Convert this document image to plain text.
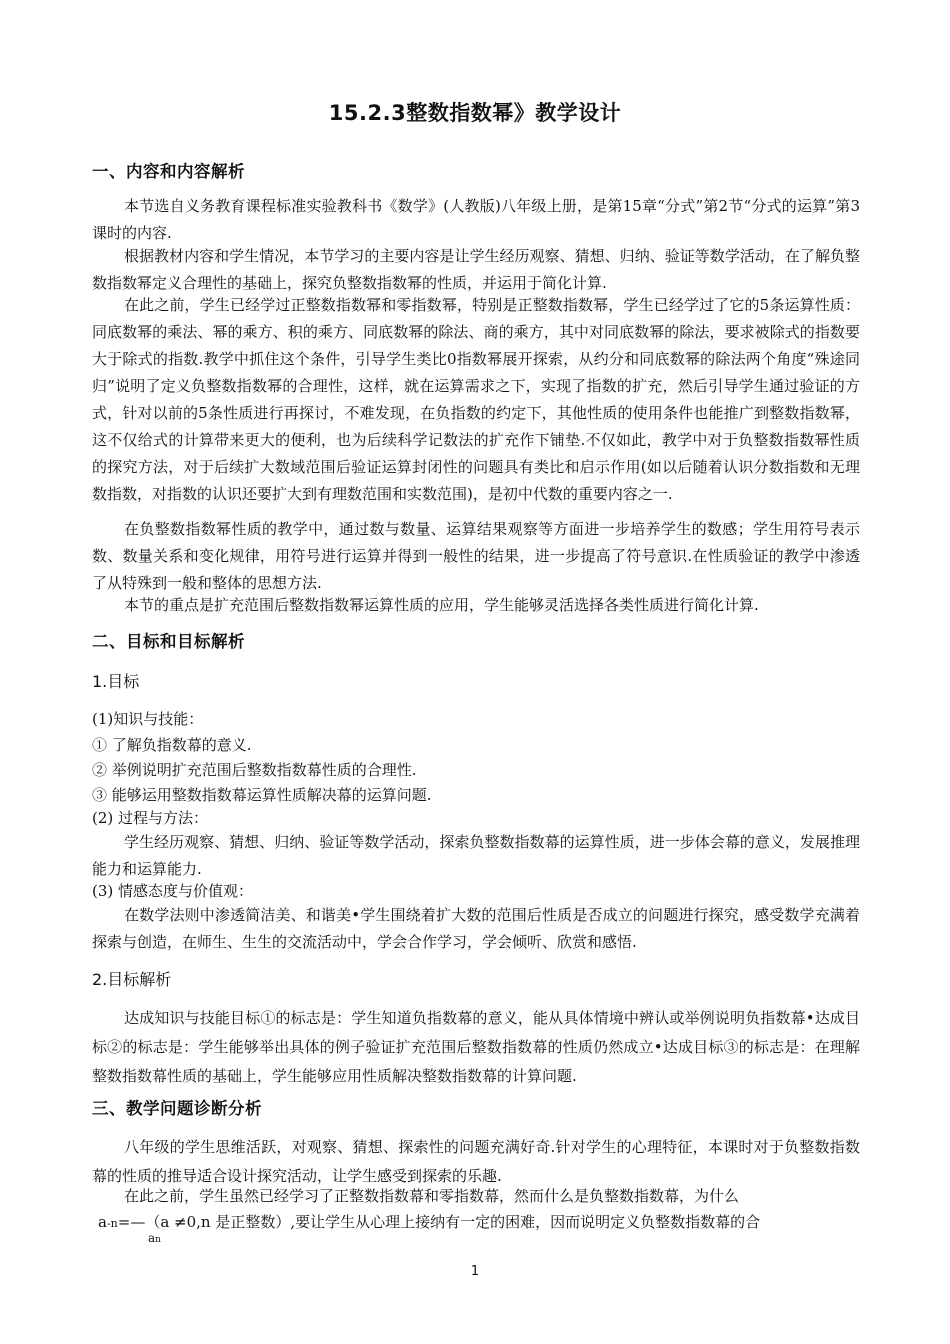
15.2.3整数指数幂》教学设计
一、内容和内容解析
本节选自义务教育课程标准实验教科书《数学》(人教版)八年级上册，是第15章“分式”第2节“分式的运算”第3课时的内容.
根据教材内容和学生情况，本节学习的主要内容是让学生经历观察、猜想、归纳、验证等数学活动，在了解负整数指数幂定义合理性的基础上，探究负整数指数幂的性质，并运用于简化计算.
在此之前，学生已经学过正整数指数幂和零指数幂，特别是正整数指数幂，学生已经学过了它的5条运算性质：同底数幂的乘法、幂的乘方、积的乘方、同底数幂的除法、商的乘方，其中对同底数幂的除法，要求被除式的指数要大于除式的指数.教学中抓住这个条件，引导学生类比0指数幂展开探索，从约分和同底数幂的除法两个角度“殊途同归”说明了定义负整数指数幂的合理性，这样，就在运算需求之下，实现了指数的扩充，然后引导学生通过验证的方式，针对以前的5条性质进行再探讨，不难发现，在负指数的约定下，其他性质的使用条件也能推广到整数指数幂，这不仅给式的计算带来更大的便利，也为后续科学记数法的扩充作下铺垫.不仅如此，教学中对于负整数指数幂性质的探究方法，对于后续扩大数域范围后验证运算封闭性的问题具有类比和启示作用(如以后随着认识分数指数和无理数指数，对指数的认识还要扩大到有理数范围和实数范围)，是初中代数的重要内容之一.
在负整数指数幂性质的教学中，通过数与数量、运算结果观察等方面进一步培养学生的数感；学生用符号表示数、数量关系和变化规律，用符号进行运算并得到一般性的结果，进一步提高了符号意识.在性质验证的教学中渗透了从特殊到一般和整体的思想方法.
本节的重点是扩充范围后整数指数幂运算性质的应用，学生能够灵活选择各类性质进行简化计算.
二、目标和目标解析
1.目标
(1)知识与技能：
① 了解负指数幕的意义.
② 举例说明扩充范围后整数指数幕性质的合理性.
③ 能够运用整数指数幕运算性质解决幕的运算问题.
(2) 过程与方法：
学生经历观察、猜想、归纳、验证等数学活动，探索负整数指数幕的运算性质，进一步体会幕的意义，发展推理能力和运算能力.
(3) 情感态度与价值观：
在数学法则中渗透简洁美、和谐美•学生围绕着扩大数的范围后性质是否成立的问题进行探究，感受数学充满着探索与创造，在师生、生生的交流活动中，学会合作学习，学会倾听、欣赏和感悟.
2.目标解析
达成知识与技能目标①的标志是：学生知道负指数幕的意义，能从具体情境中辨认或举例说明负指数幕•达成目标②的标志是：学生能够举出具体的例子验证扩充范围后整数指数幕的性质仍然成立•达成目标③的标志是：在理解整数指数幕性质的基础上，学生能够应用性质解决整数指数幕的计算问题.
三、教学问题诊断分析
八年级的学生思维活跃，对观察、猜想、探索性的问题充满好奇.针对学生的心理特征，本课时对于负整数指数幕的性质的推导适合设计探究活动，让学生感受到探索的乐趣.
在此之前，学生虽然已经学习了正整数指数幕和零指数幕，然而什么是负整数指数幕，为什么
a-n=—（a ≠0,n 是正整数）,要让学生从心理上接纳有一定的困难，因而说明定义负整数指数幕的合
an
1
